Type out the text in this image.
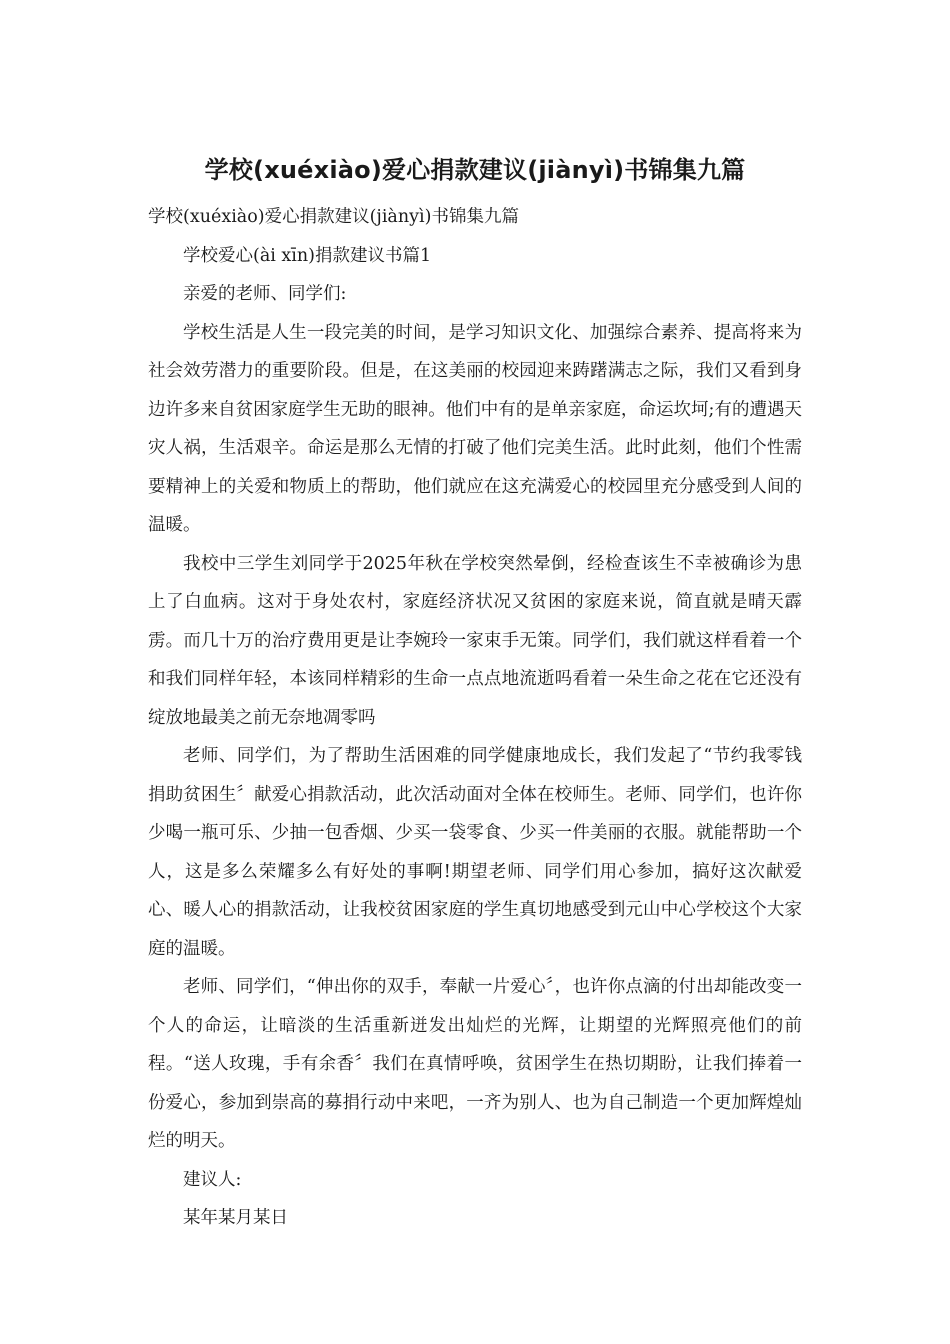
学校(xuéxiào)爱心捐款建议(jiànyì)书锦集九篇

学校(xuéxiào)爱心捐款建议(jiànyì)书锦集九篇

学校爱心(ài xīn)捐款建议书篇1

亲爱的老师、同学们:

学校生活是人生一段完美的时间，是学习知识文化、加强综合素养、提高将来为社会效劳潜力的重要阶段。但是，在这美丽的校园迎来踌躇满志之际，我们又看到身边许多来自贫困家庭学生无助的眼神。他们中有的是单亲家庭，命运坎坷;有的遭遇天灾人祸，生活艰辛。命运是那么无情的打破了他们完美生活。此时此刻，他们个性需要精神上的关爱和物质上的帮助，他们就应在这充满爱心的校园里充分感受到人间的温暖。

我校中三学生刘同学于2025年秋在学校突然晕倒，经检查该生不幸被确诊为患上了白血病。这对于身处农村，家庭经济状况又贫困的家庭来说，简直就是晴天霹雳。而几十万的治疗费用更是让李婉玲一家束手无策。同学们，我们就这样看着一个和我们同样年轻，本该同样精彩的生命一点点地流逝吗看着一朵生命之花在它还没有绽放地最美之前无奈地凋零吗

老师、同学们，为了帮助生活困难的同学健康地成长，我们发起了“节约我零钱捐助贫困生〞献爱心捐款活动，此次活动面对全体在校师生。老师、同学们，也许你少喝一瓶可乐、少抽一包香烟、少买一袋零食、少买一件美丽的衣服。就能帮助一个人，这是多么荣耀多么有好处的事啊!期望老师、同学们用心参加，搞好这次献爱心、暖人心的捐款活动，让我校贫困家庭的学生真切地感受到元山中心学校这个大家庭的温暖。

老师、同学们，“伸出你的双手，奉献一片爱心〞，也许你点滴的付出却能改变一个人的命运，让暗淡的生活重新迸发出灿烂的光辉，让期望的光辉照亮他们的前程。“送人玫瑰，手有余香〞我们在真情呼唤，贫困学生在热切期盼，让我们捧着一份爱心，参加到崇高的募捐行动中来吧，一齐为别人、也为自己制造一个更加辉煌灿烂的明天。

建议人:

某年某月某日
